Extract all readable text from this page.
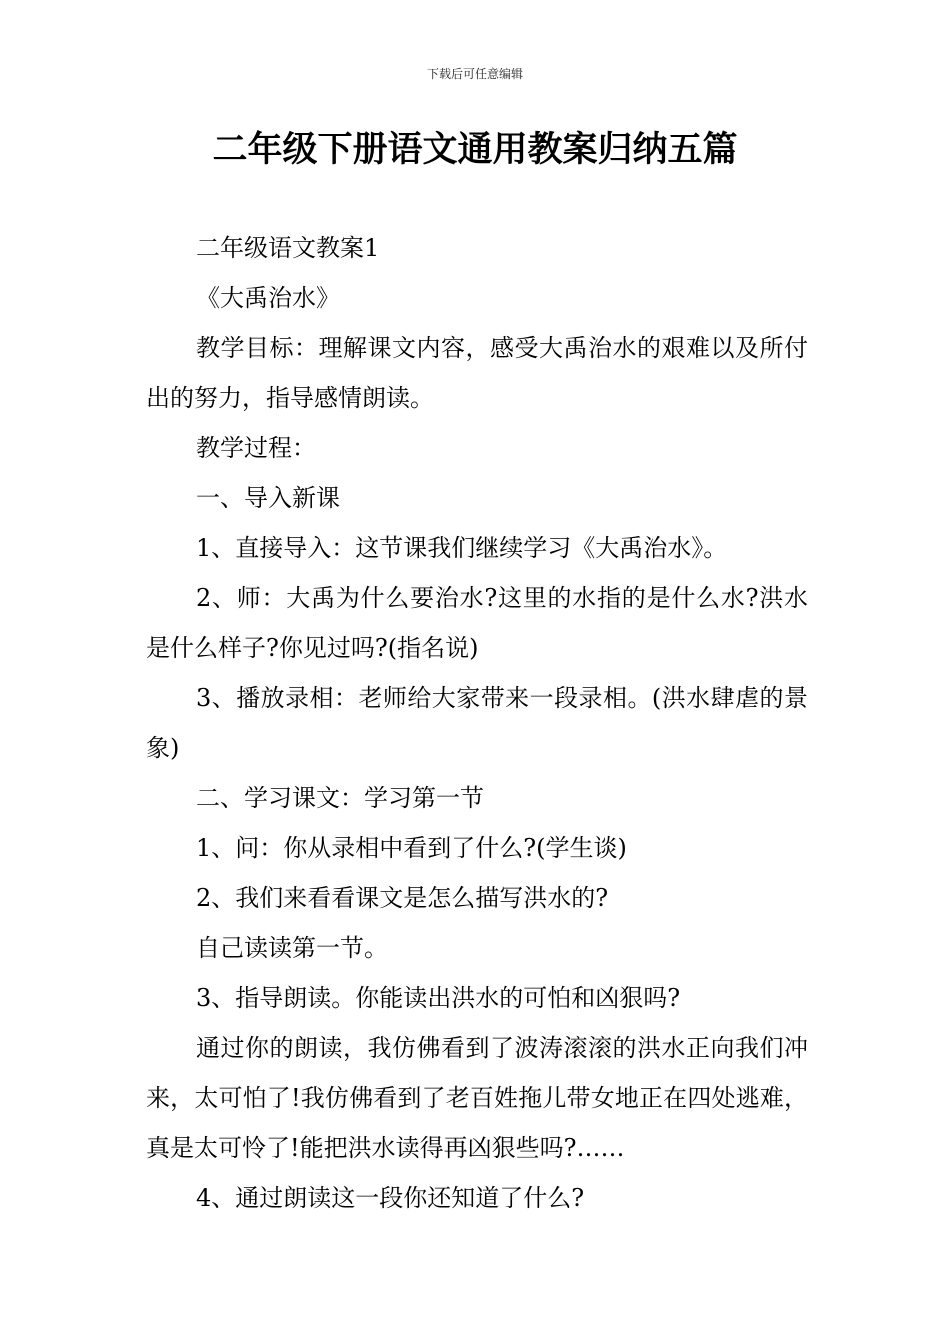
下载后可任意编辑
二年级下册语文通用教案归纳五篇

二年级语文教案1

《大禹治水》

教学目标：理解课文内容，感受大禹治水的艰难以及所付出的努力，指导感情朗读。

教学过程：

一、导入新课

1、直接导入：这节课我们继续学习《大禹治水》。

2、师：大禹为什么要治水?这里的水指的是什么水?洪水是什么样子?你见过吗?(指名说)

3、播放录相：老师给大家带来一段录相。(洪水肆虐的景象)

二、学习课文：学习第一节

1、问：你从录相中看到了什么?(学生谈)

2、我们来看看课文是怎么描写洪水的?

自己读读第一节。

3、指导朗读。你能读出洪水的可怕和凶狠吗?

通过你的朗读，我仿佛看到了波涛滚滚的洪水正向我们冲来，太可怕了!我仿佛看到了老百姓拖儿带女地正在四处逃难，真是太可怜了!能把洪水读得再凶狠些吗?……

4、通过朗读这一段你还知道了什么?
